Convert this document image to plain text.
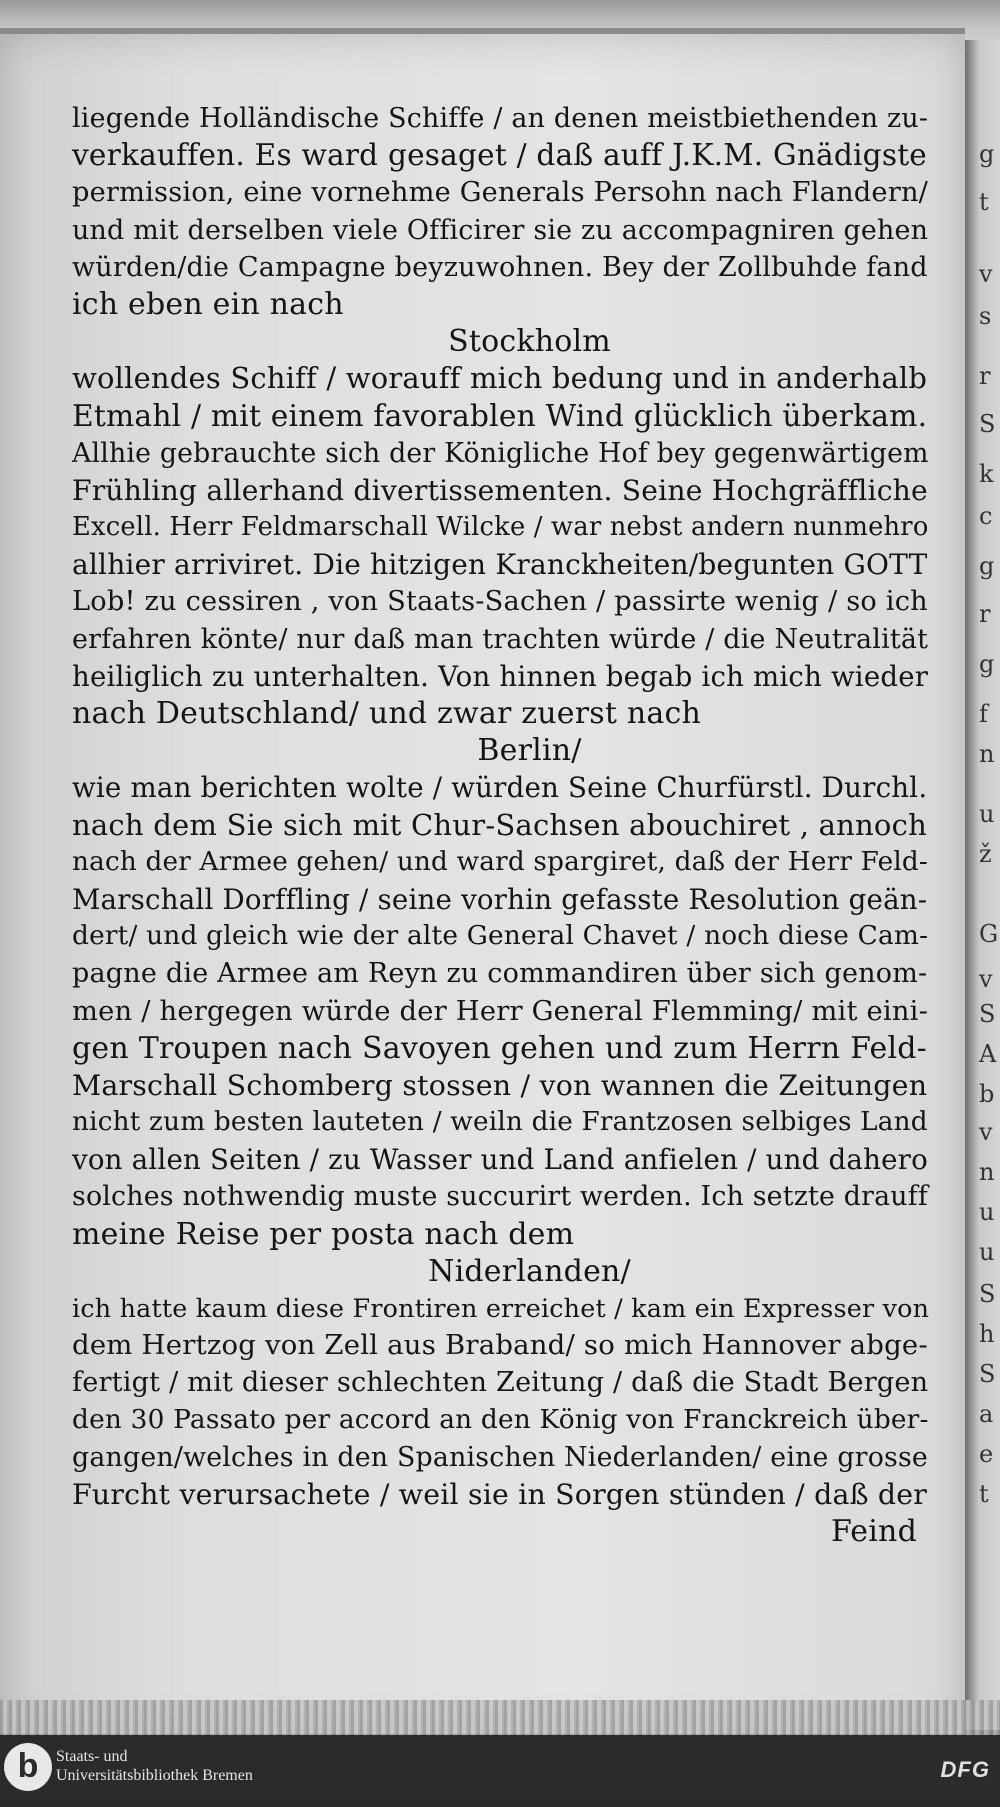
g
t
v
s
r
S
k
c
g
r
g
f
n
u
ž
G
v
S
A
b
v
n
u
u
S
h
S
a
e
t
liegende Holländische Schiffe / an denen meistbiethenden zu-
verkauffen. Es ward gesaget / daß auff J.K.M. Gnädigste
permission, eine vornehme Generals Persohn nach Flandern/
und mit derselben viele Officirer sie zu accompagniren gehen
würden/die Campagne beyzuwohnen. Bey der Zollbuhde fand
ich eben ein nach
Stockholm
wollendes Schiff / worauff mich bedung und in anderhalb
Etmahl / mit einem favorablen Wind glücklich überkam.
Allhie gebrauchte sich der Königliche Hof bey gegenwärtigem
Frühling allerhand divertissementen. Seine Hochgräffliche
Excell. Herr Feldmarschall Wilcke / war nebst andern nunmehro
allhier arriviret. Die hitzigen Kranckheiten/begunten GOTT
Lob! zu cessiren , von Staats-Sachen / passirte wenig / so ich
erfahren könte/ nur daß man trachten würde / die Neutralität
heiliglich zu unterhalten. Von hinnen begab ich mich wieder
nach Deutschland/ und zwar zuerst nach
Berlin/
wie man berichten wolte / würden Seine Churfürstl. Durchl.
nach dem Sie sich mit Chur-Sachsen abouchiret , annoch
nach der Armee gehen/ und ward spargiret, daß der Herr Feld-
Marschall Dorffling / seine vorhin gefasste Resolution geän-
dert/ und gleich wie der alte General Chavet / noch diese Cam-
pagne die Armee am Reyn zu commandiren über sich genom-
men / hergegen würde der Herr General Flemming/ mit eini-
gen Troupen nach Savoyen gehen und zum Herrn Feld-
Marschall Schomberg stossen / von wannen die Zeitungen
nicht zum besten lauteten / weiln die Frantzosen selbiges Land
von allen Seiten / zu Wasser und Land anfielen / und dahero
solches nothwendig muste succurirt werden. Ich setzte drauff
meine Reise per posta nach dem
Niderlanden/
ich hatte kaum diese Frontiren erreichet / kam ein Expresser von
dem Hertzog von Zell aus Braband/ so mich Hannover abge-
fertigt / mit dieser schlechten Zeitung / daß die Stadt Bergen
den 30 Passato per accord an den König von Franckreich über-
gangen/welches in den Spanischen Niederlanden/ eine grosse
Furcht verursachete / weil sie in Sorgen stünden / daß der
Feind
b	Staats- und
Universitätsbibliothek Bremen	DFG
